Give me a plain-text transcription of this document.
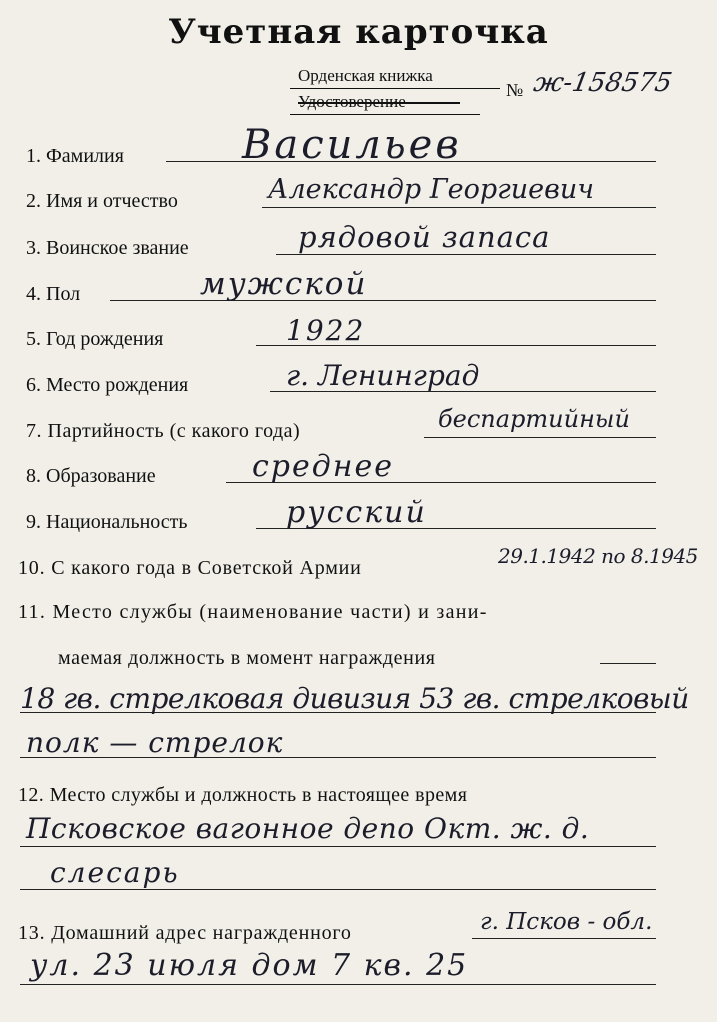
Учетная карточка
Орденская книжка
Удостоверение
№ ж-158575
1. Фамилия	Васильев
2. Имя и отчество	Александр Георгиевич
3. Воинское звание	рядовой запаса
4. Пол	мужской
5. Год рождения	1922
6. Место рождения	г. Ленинград
7. Партийность (с какого года)	беспартийный
8. Образование	среднее
9. Национальность	русский
10. С какого года в Советской Армии	29.1.1942 по 8.1945
11. Место службы (наименование части) и зани-
маемая должность в момент награждения
18 гв. стрелковая дивизия 53 гв. стрелковый
полк — стрелок
12. Место службы и должность в настоящее время
Псковское вагонное депо Окт. ж. д.
слесарь
13. Домашний адрес награжденного	г. Псков - обл.
ул. 23 июля дом 7 кв. 25
